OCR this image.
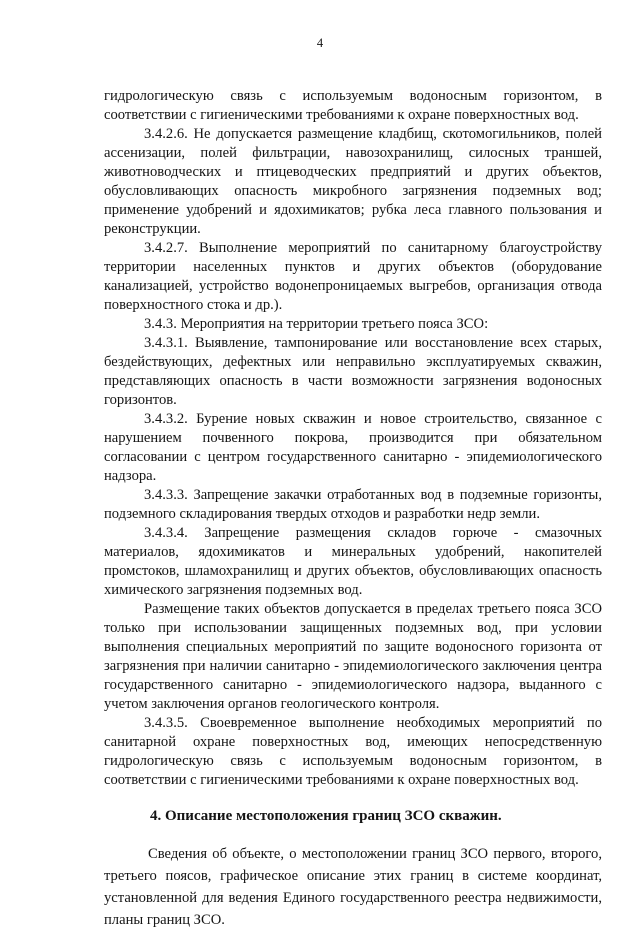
4

гидрологическую связь с используемым водоносным горизонтом, в соответствии с гигиеническими требованиями к охране поверхностных вод.

3.4.2.6. Не допускается размещение кладбищ, скотомогильников, полей ассенизации, полей фильтрации, навозохранилищ, силосных траншей, животноводческих и птицеводческих предприятий и других объектов, обусловливающих опасность микробного загрязнения подземных вод; применение удобрений и ядохимикатов; рубка леса главного пользования и реконструкции.

3.4.2.7. Выполнение мероприятий по санитарному благоустройству территории населенных пунктов и других объектов (оборудование канализацией, устройство водонепроницаемых выгребов, организация отвода поверхностного стока и др.).

3.4.3. Мероприятия на территории третьего пояса ЗСО:

3.4.3.1. Выявление, тампонирование или восстановление всех старых, бездействующих, дефектных или неправильно эксплуатируемых скважин, представляющих опасность в части возможности загрязнения водоносных горизонтов.

3.4.3.2. Бурение новых скважин и новое строительство, связанное с нарушением почвенного покрова, производится при обязательном согласовании с центром государственного санитарно - эпидемиологического надзора.

3.4.3.3. Запрещение закачки отработанных вод в подземные горизонты, подземного складирования твердых отходов и разработки недр земли.

3.4.3.4. Запрещение размещения складов горюче - смазочных материалов, ядохимикатов и минеральных удобрений, накопителей промстоков, шламохранилищ и других объектов, обусловливающих опасность химического загрязнения подземных вод.

Размещение таких объектов допускается в пределах третьего пояса ЗСО только при использовании защищенных подземных вод, при условии выполнения специальных мероприятий по защите водоносного горизонта от загрязнения при наличии санитарно - эпидемиологического заключения центра государственного санитарно - эпидемиологического надзора, выданного с учетом заключения органов геологического контроля.

3.4.3.5. Своевременное выполнение необходимых мероприятий по санитарной охране поверхностных вод, имеющих непосредственную гидрологическую связь с используемым водоносным горизонтом, в соответствии с гигиеническими требованиями к охране поверхностных вод.

4. Описание местоположения границ ЗСО скважин.

Сведения об объекте, о местоположении границ ЗСО первого, второго, третьего поясов, графическое описание этих границ в системе координат, установленной для ведения Единого государственного реестра недвижимости, планы границ ЗСО.
